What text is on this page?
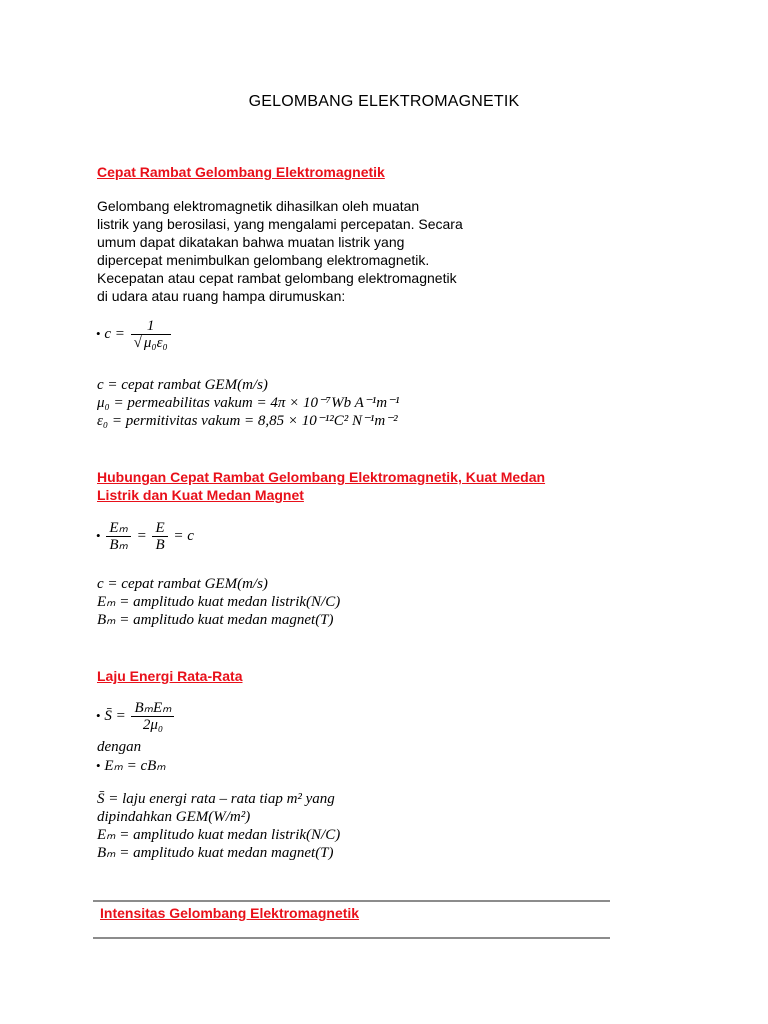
GELOMBANG ELEKTROMAGNETIK
Cepat Rambat Gelombang Elektromagnetik
Gelombang elektromagnetik dihasilkan oleh muatan
listrik yang berosilasi, yang mengalami percepatan. Secara
umum dapat dikatakan bahwa muatan listrik yang
dipercepat menimbulkan gelombang elektromagnetik.
Kecepatan atau cepat rambat gelombang elektromagnetik
di udara atau ruang hampa dirumuskan:
• $c = \frac{1}{\text{√ μ₀ε₀}}$
c = cepat rambat GEM(m/s)
μ₀ = permeabilitas vakum = 4π × 10⁻⁷Wb A⁻¹m⁻¹
ε₀ = permitivitas vakum = 8,85 × 10⁻¹²C² N⁻¹m⁻²
Hubungan Cepat Rambat Gelombang Elektromagnetik, Kuat Medan
Listrik dan Kuat Medan Magnet
• $\frac{\text{Eₘ}}{\text{Bₘ}} = \frac{E}{B} = c$
c = cepat rambat GEM(m/s)
Eₘ = amplitudo kuat medan listrik(N/C)
Bₘ = amplitudo kuat medan magnet(T)
Laju Energi Rata-Rata
• S̄ = $\frac{\text{BₘEₘ}}{\text{2μ₀}}$
dengan
• Eₘ = cBₘ
S̄ = laju energi rata – rata tiap m² yang
dipindahkan GEM(W/m²)
Eₘ = amplitudo kuat medan listrik(N/C)
Bₘ = amplitudo kuat medan magnet(T)
Intensitas Gelombang Elektromagnetik
